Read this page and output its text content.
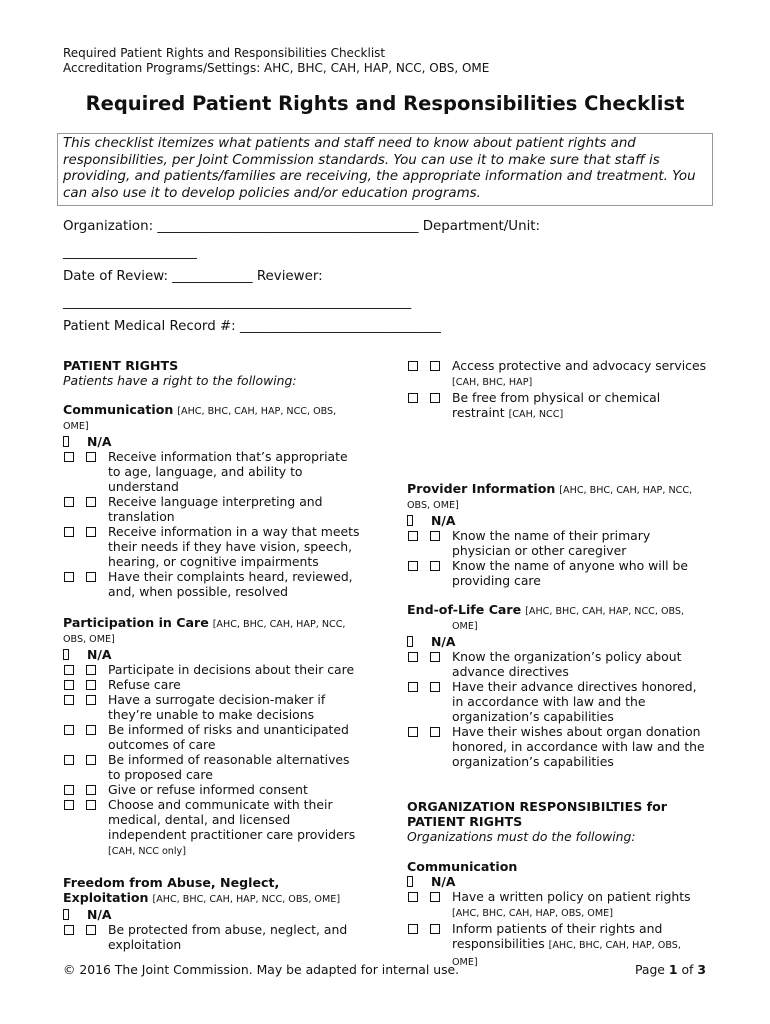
Required Patient Rights and Responsibilities Checklist
Accreditation Programs/Settings: AHC, BHC, CAH, HAP, NCC, OBS, OME
Required Patient Rights and Responsibilities Checklist
This checklist itemizes what patients and staff need to know about patient rights and responsibilities, per Joint Commission standards. You can use it to make sure that staff is providing, and patients/families are receiving, the appropriate information and treatment. You can also use it to develop policies and/or education programs.
Organization: _______________________________________ Department/Unit:
____________________
Date of Review: ____________ Reviewer:
____________________________________________________
Patient Medical Record #: ______________________________
PATIENT RIGHTS
Patients have a right to the following:
Communication [AHC, BHC, CAH, HAP, NCC, OBS,
OME]
N/A
Receive information that’s appropriate to age, language, and ability to understand
Receive language interpreting and translation
Receive information in a way that meets their needs if they have vision, speech, hearing, or cognitive impairments
Have their complaints heard, reviewed, and, when possible, resolved
Participation in Care [AHC, BHC, CAH, HAP, NCC,
OBS, OME]
N/A
Participate in decisions about their care
Refuse care
Have a surrogate decision-maker if they’re unable to make decisions
Be informed of risks and unanticipated outcomes of care
Be informed of reasonable alternatives to proposed care
Give or refuse informed consent
Choose and communicate with their medical, dental, and licensed independent practitioner care providers
[CAH, NCC only]
Freedom from Abuse, Neglect,
Exploitation [AHC, BHC, CAH, HAP, NCC, OBS, OME]
N/A
Be protected from abuse, neglect, and exploitation
Access protective and advocacy services [CAH, BHC, HAP]
Be free from physical or chemical restraint [CAH, NCC]
Provider Information [AHC, BHC, CAH, HAP, NCC,
OBS, OME]
N/A
Know the name of their primary physician or other caregiver
Know the name of anyone who will be providing care
End-of-Life Care [AHC, BHC, CAH, HAP, NCC, OBS,
OME]
N/A
Know the organization’s policy about advance directives
Have their advance directives honored, in accordance with law and the organization’s capabilities
Have their wishes about organ donation honored, in accordance with law and the organization’s capabilities
ORGANIZATION RESPONSIBILTIES for
PATIENT RIGHTS
Organizations must do the following:
Communication
N/A
Have a written policy on patient rights
[AHC, BHC, CAH, HAP, OBS, OME]
Inform patients of their rights and responsibilities [AHC, BHC, CAH, HAP, OBS,
OME]
© 2016 The Joint Commission. May be adapted for internal use.	Page 1 of 3
